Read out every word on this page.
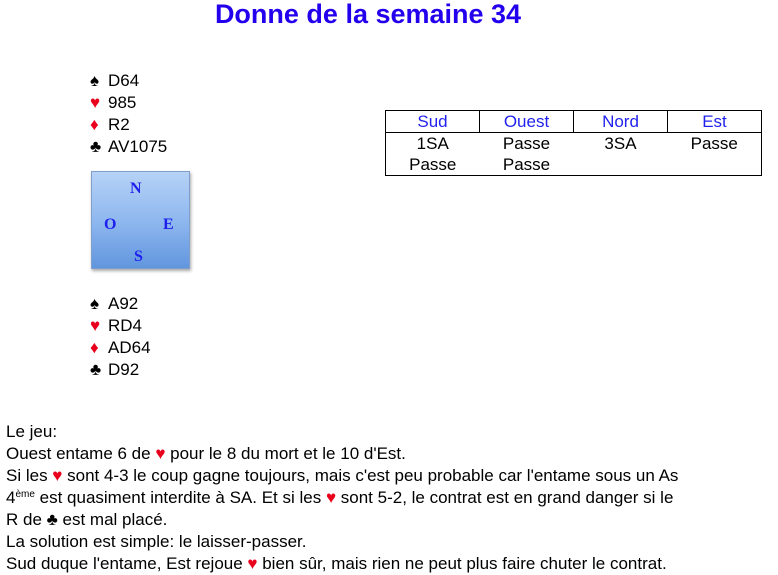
Donne de la semaine 34
♠ D64
♥ 985
♦ R2
♣ AV1075
N
O	E
S
♠ A92
♥ RD4
♦ AD64
♣ D92
Sud	Ouest	Nord	Est
1SA	Passe	3SA	Passe
Passe	Passe		

Le jeu:

Ouest entame 6 de ♥ pour le 8 du mort et le 10 d'Est.

Si les ♥ sont 4-3 le coup gagne toujours, mais c'est peu probable car l'entame sous un As

4ème est quasiment interdite à SA. Et si les ♥ sont 5-2, le contrat est en grand danger si le

R de ♣ est mal placé.

La solution est simple: le laisser-passer.

Sud duque l'entame, Est rejoue ♥ bien sûr, mais rien ne peut plus faire chuter le contrat.
